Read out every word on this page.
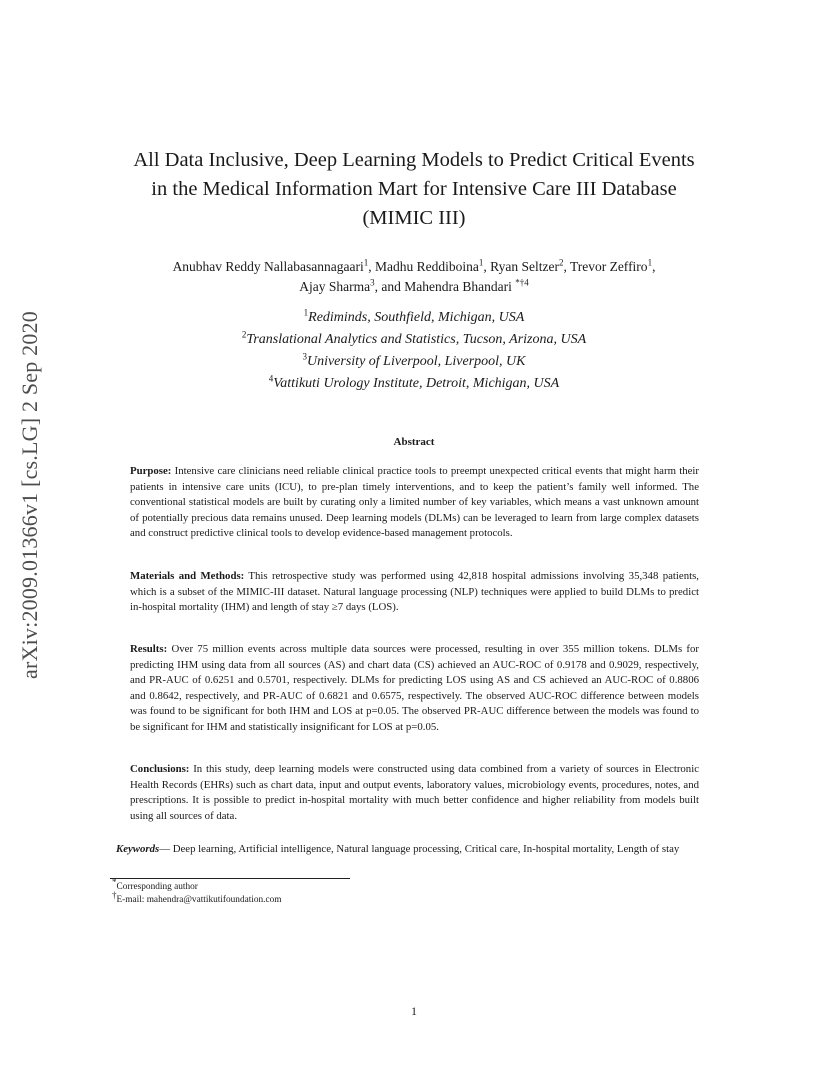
arXiv:2009.01366v1 [cs.LG] 2 Sep 2020
All Data Inclusive, Deep Learning Models to Predict Critical Events
in the Medical Information Mart for Intensive Care III Database
(MIMIC III)
Anubhav Reddy Nallabasannagaari$^1$, Madhu Reddiboina$^1$, Ryan Seltzer$^2$, Trevor Zeffiro$^1$,
Ajay Sharma$^3$, and Mahendra Bhandari $^{*\dagger 4}$
$^1$Rediminds, Southfield, Michigan, USA
$^2$Translational Analytics and Statistics, Tucson, Arizona, USA
$^3$University of Liverpool, Liverpool, UK
$^4$Vattikuti Urology Institute, Detroit, Michigan, USA
Abstract
Purpose: Intensive care clinicians need reliable clinical practice tools to preempt unexpected critical events that might harm their patients in intensive care units (ICU), to pre-plan timely interventions, and to keep the patient’s family well informed. The conventional statistical models are built by curating only a limited number of key variables, which means a vast unknown amount of potentially precious data remains unused. Deep learning models (DLMs) can be leveraged to learn from large complex datasets and construct predictive clinical tools to develop evidence-based management protocols.
Materials and Methods: This retrospective study was performed using 42,818 hospital admissions involving 35,348 patients, which is a subset of the MIMIC-III dataset. Natural language processing (NLP) techniques were applied to build DLMs to predict in-hospital mortality (IHM) and length of stay ≥7 days (LOS).
Results: Over 75 million events across multiple data sources were processed, resulting in over 355 million tokens. DLMs for predicting IHM using data from all sources (AS) and chart data (CS) achieved an AUC-ROC of 0.9178 and 0.9029, respectively, and PR-AUC of 0.6251 and 0.5701, respectively. DLMs for predicting LOS using AS and CS achieved an AUC-ROC of 0.8806 and 0.8642, respectively, and PR-AUC of 0.6821 and 0.6575, respectively. The observed AUC-ROC difference between models was found to be significant for both IHM and LOS at p=0.05. The observed PR-AUC difference between the models was found to be significant for IHM and statistically insignificant for LOS at p=0.05.
Conclusions: In this study, deep learning models were constructed using data combined from a variety of sources in Electronic Health Records (EHRs) such as chart data, input and output events, laboratory values, microbiology events, procedures, notes, and prescriptions. It is possible to predict in-hospital mortality with much better confidence and higher reliability from models built using all sources of data.
Keywords— Deep learning, Artificial intelligence, Natural language processing, Critical care, In-hospital mortality, Length of stay
*Corresponding author
†E-mail: mahendra@vattikutifoundation.com
1
